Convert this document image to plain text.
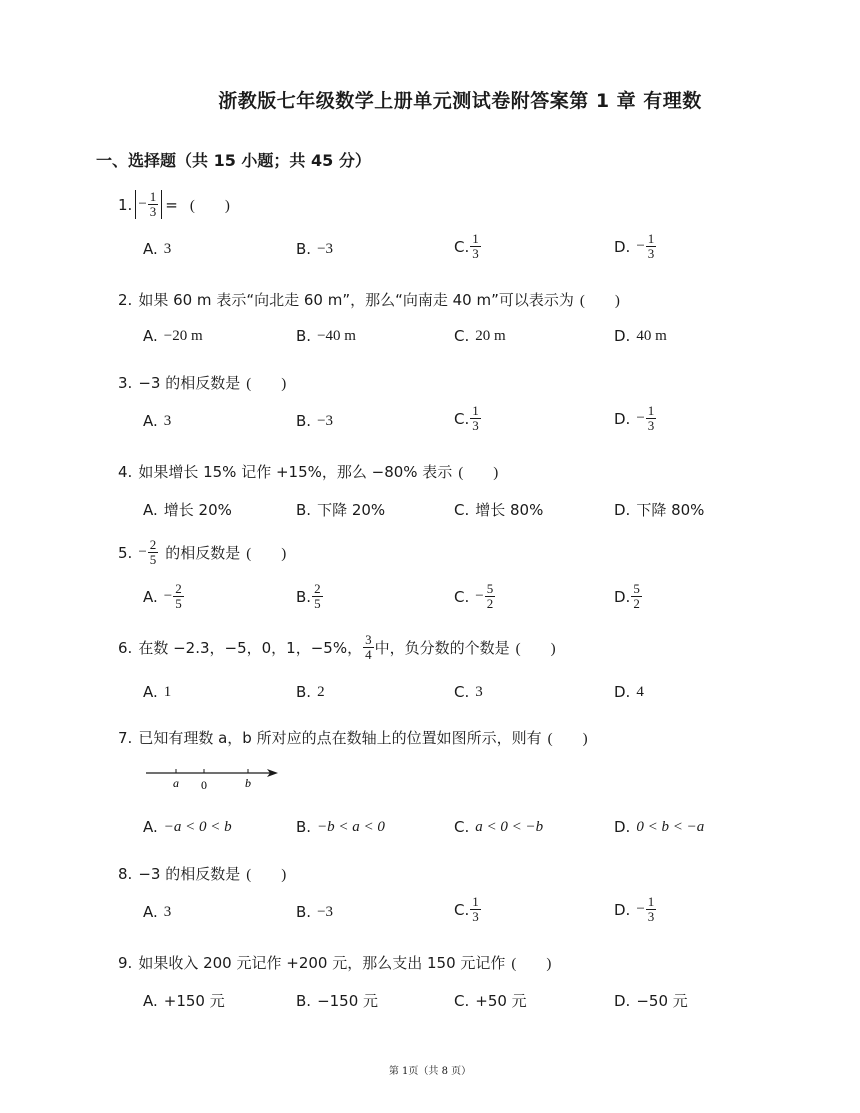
浙教版七年级数学上册单元测试卷附答案第 1 章 有理数
一、选择题（共 15 小题；共 45 分）
1. − $\frac{1}{3}$ = (　　)
A. 3	B. −3	C. $\frac{1}{3}$	D. − $\frac{1}{3}$
2. 如果 60 m 表示“向北走 60 m”，那么“向南走 40 m”可以表示为 (　　)
A. −20 m	B. −40 m	C. 20 m	D. 40 m
3. −3 的相反数是 (　　)
A. 3	B. −3	C. $\frac{1}{3}$	D. − $\frac{1}{3}$
4. 如果增长 15% 记作 +15%，那么 −80% 表示 (　　)
A. 增长 20%	B. 下降 20%	C. 增长 80%	D. 下降 80%
5. − $\frac{2}{5}$ 的相反数是 (　　)
A. − $\frac{2}{5}$	B. $\frac{2}{5}$	C. − $\frac{5}{2}$	D. $\frac{5}{2}$
6. 在数 −2.3，−5，0，1，−5%， $\frac{3}{4}$ 中，负分数的个数是 (　　)
A. 1	B. 2	C. 3	D. 4
7. 已知有理数 a，b 所对应的点在数轴上的位置如图所示，则有 (　　)
a 0	b
A. −a < 0 < b	B. −b < a < 0	C. a < 0 < −b	D. 0 < b < −a
8. −3 的相反数是 (　　)
A. 3	B. −3	C. $\frac{1}{3}$	D. − $\frac{1}{3}$
9. 如果收入 200 元记作 +200 元，那么支出 150 元记作 (　　)
A. +150 元	B. −150 元	C. +50 元	D. −50 元
第 1页（共 8 页）
